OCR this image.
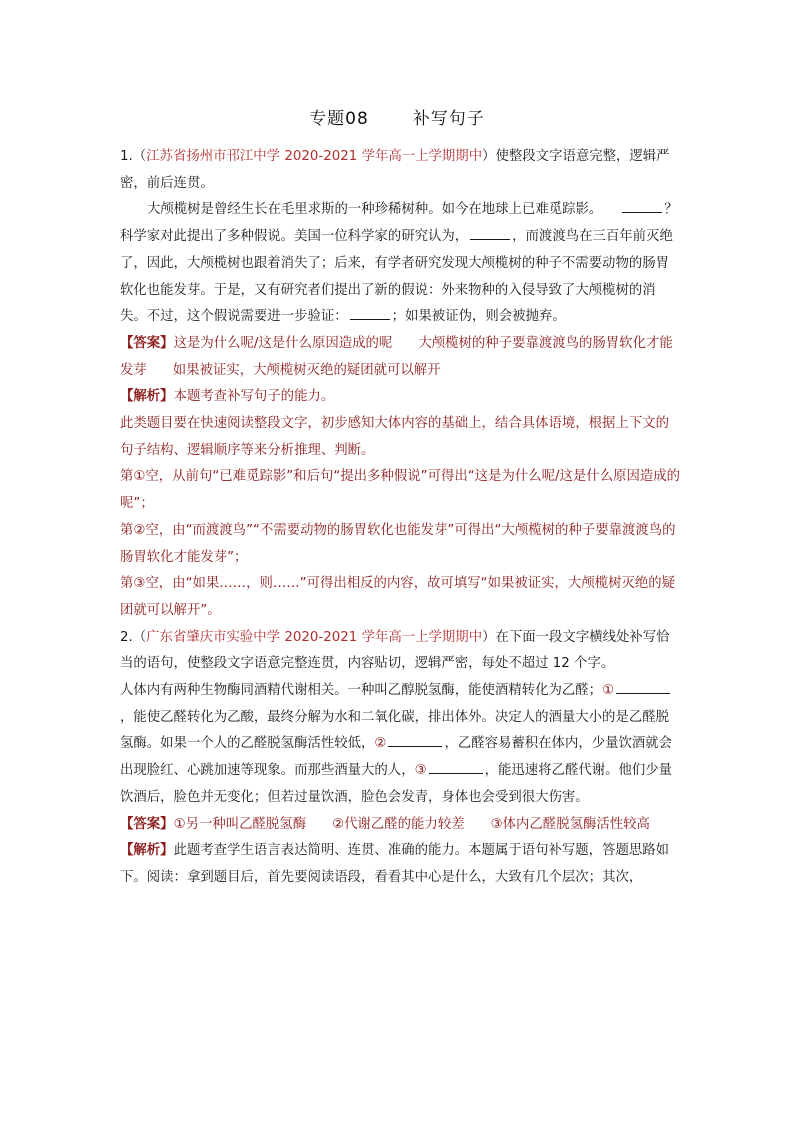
专题08	补写句子

1.（江苏省扬州市邗江中学 2020-2021 学年高一上学期期中）使整段文字语意完整，逻辑严密，前后连贯。

大颅榄树是曾经生长在毛里求斯的一种珍稀树种。如今在地球上已难觅踪影。	？科学家对此提出了多种假说。美国一位科学家的研究认为，	，而渡渡鸟在三百年前灭绝了，因此，大颅榄树也跟着消失了；后来，有学者研究发现大颅榄树的种子不需要动物的肠胃软化也能发芽。于是，又有研究者们提出了新的假说：外来物种的入侵导致了大颅榄树的消失。不过，这个假说需要进一步验证：	；如果被证伪，则会被抛弃。

【答案】这是为什么呢/这是什么原因造成的呢 大颅榄树的种子要靠渡渡鸟的肠胃软化才能发芽 如果被证实，大颅榄树灭绝的疑团就可以解开

【解析】本题考查补写句子的能力。

此类题目要在快速阅读整段文字，初步感知大体内容的基础上，结合具体语境，根据上下文的句子结构、逻辑顺序等来分析推理、判断。

第①空，从前句“已难觅踪影”和后句“提出多种假说”可得出“这是为什么呢/这是什么原因造成的呢”；

第②空，由“而渡渡鸟”“不需要动物的肠胃软化也能发芽”可得出“大颅榄树的种子要靠渡渡鸟的肠胃软化才能发芽”；

第③空，由“如果……，则……”可得出相反的内容，故可填写“如果被证实，大颅榄树灭绝的疑团就可以解开”。

2.（广东省肇庆市实验中学 2020-2021 学年高一上学期期中）在下面一段文字横线处补写恰当的语句，使整段文字语意完整连贯，内容贴切，逻辑严密，每处不超过 12 个字。

人体内有两种生物酶同酒精代谢相关。一种叫乙醇脱氢酶，能使酒精转化为乙醛；①，能使乙醛转化为乙酸，最终分解为水和二氧化碳，排出体外。决定人的酒量大小的是乙醛脱氢酶。如果一个人的乙醛脱氢酶活性较低，②	，乙醛容易蓄积在体内，少量饮酒就会出现脸红、心跳加速等现象。而那些酒量大的人，③	，能迅速将乙醛代谢。他们少量饮酒后，脸色并无变化；但若过量饮酒，脸色会发青，身体也会受到很大伤害。

【答案】①另一种叫乙醛脱氢酶 ②代谢乙醛的能力较差 ③体内乙醛脱氢酶活性较高

【解析】此题考查学生语言表达简明、连贯、准确的能力。本题属于语句补写题，答题思路如下。阅读：拿到题目后，首先要阅读语段，看看其中心是什么，大致有几个层次；其次，
